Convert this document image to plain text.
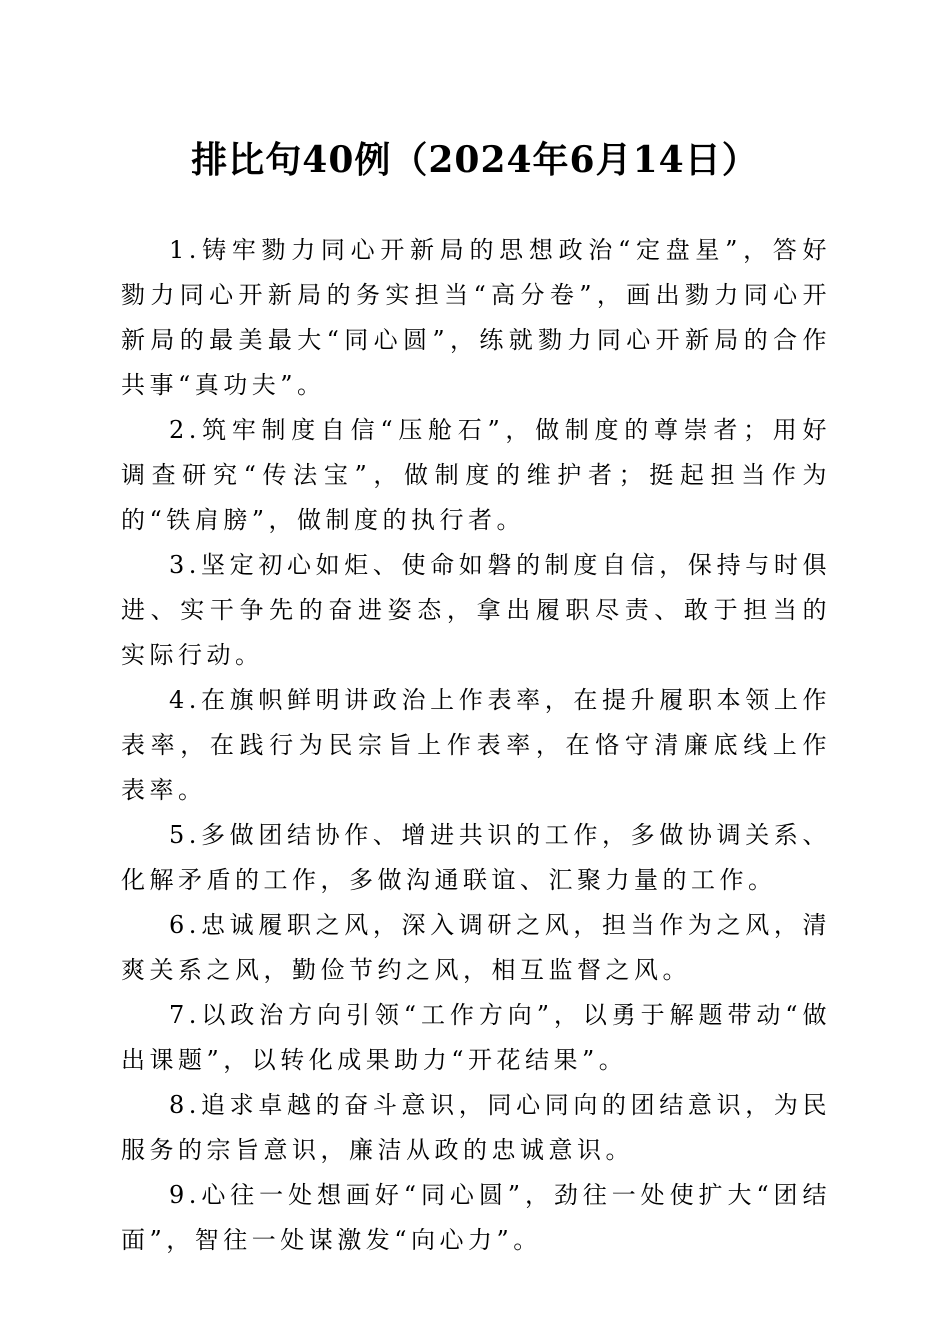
排比句40例（2024年6月14日）

1.铸牢勠力同心开新局的思想政治“定盘星”，答好勠力同心开新局的务实担当“高分卷”，画出勠力同心开新局的最美最大“同心圆”，练就勠力同心开新局的合作共事“真功夫”。

2.筑牢制度自信“压舱石”，做制度的尊崇者；用好调查研究“传法宝”，做制度的维护者；挺起担当作为的“铁肩膀”，做制度的执行者。

3.坚定初心如炬、使命如磐的制度自信，保持与时俱进、实干争先的奋进姿态，拿出履职尽责、敢于担当的实际行动。

4.在旗帜鲜明讲政治上作表率，在提升履职本领上作表率，在践行为民宗旨上作表率，在恪守清廉底线上作表率。

5.多做团结协作、增进共识的工作，多做协调关系、化解矛盾的工作，多做沟通联谊、汇聚力量的工作。

6.忠诚履职之风，深入调研之风，担当作为之风，清爽关系之风，勤俭节约之风，相互监督之风。

7.以政治方向引领“工作方向”，以勇于解题带动“做出课题”，以转化成果助力“开花结果”。

8.追求卓越的奋斗意识，同心同向的团结意识，为民服务的宗旨意识，廉洁从政的忠诚意识。

9.心往一处想画好“同心圆”，劲往一处使扩大“团结面”，智往一处谋激发“向心力”。
